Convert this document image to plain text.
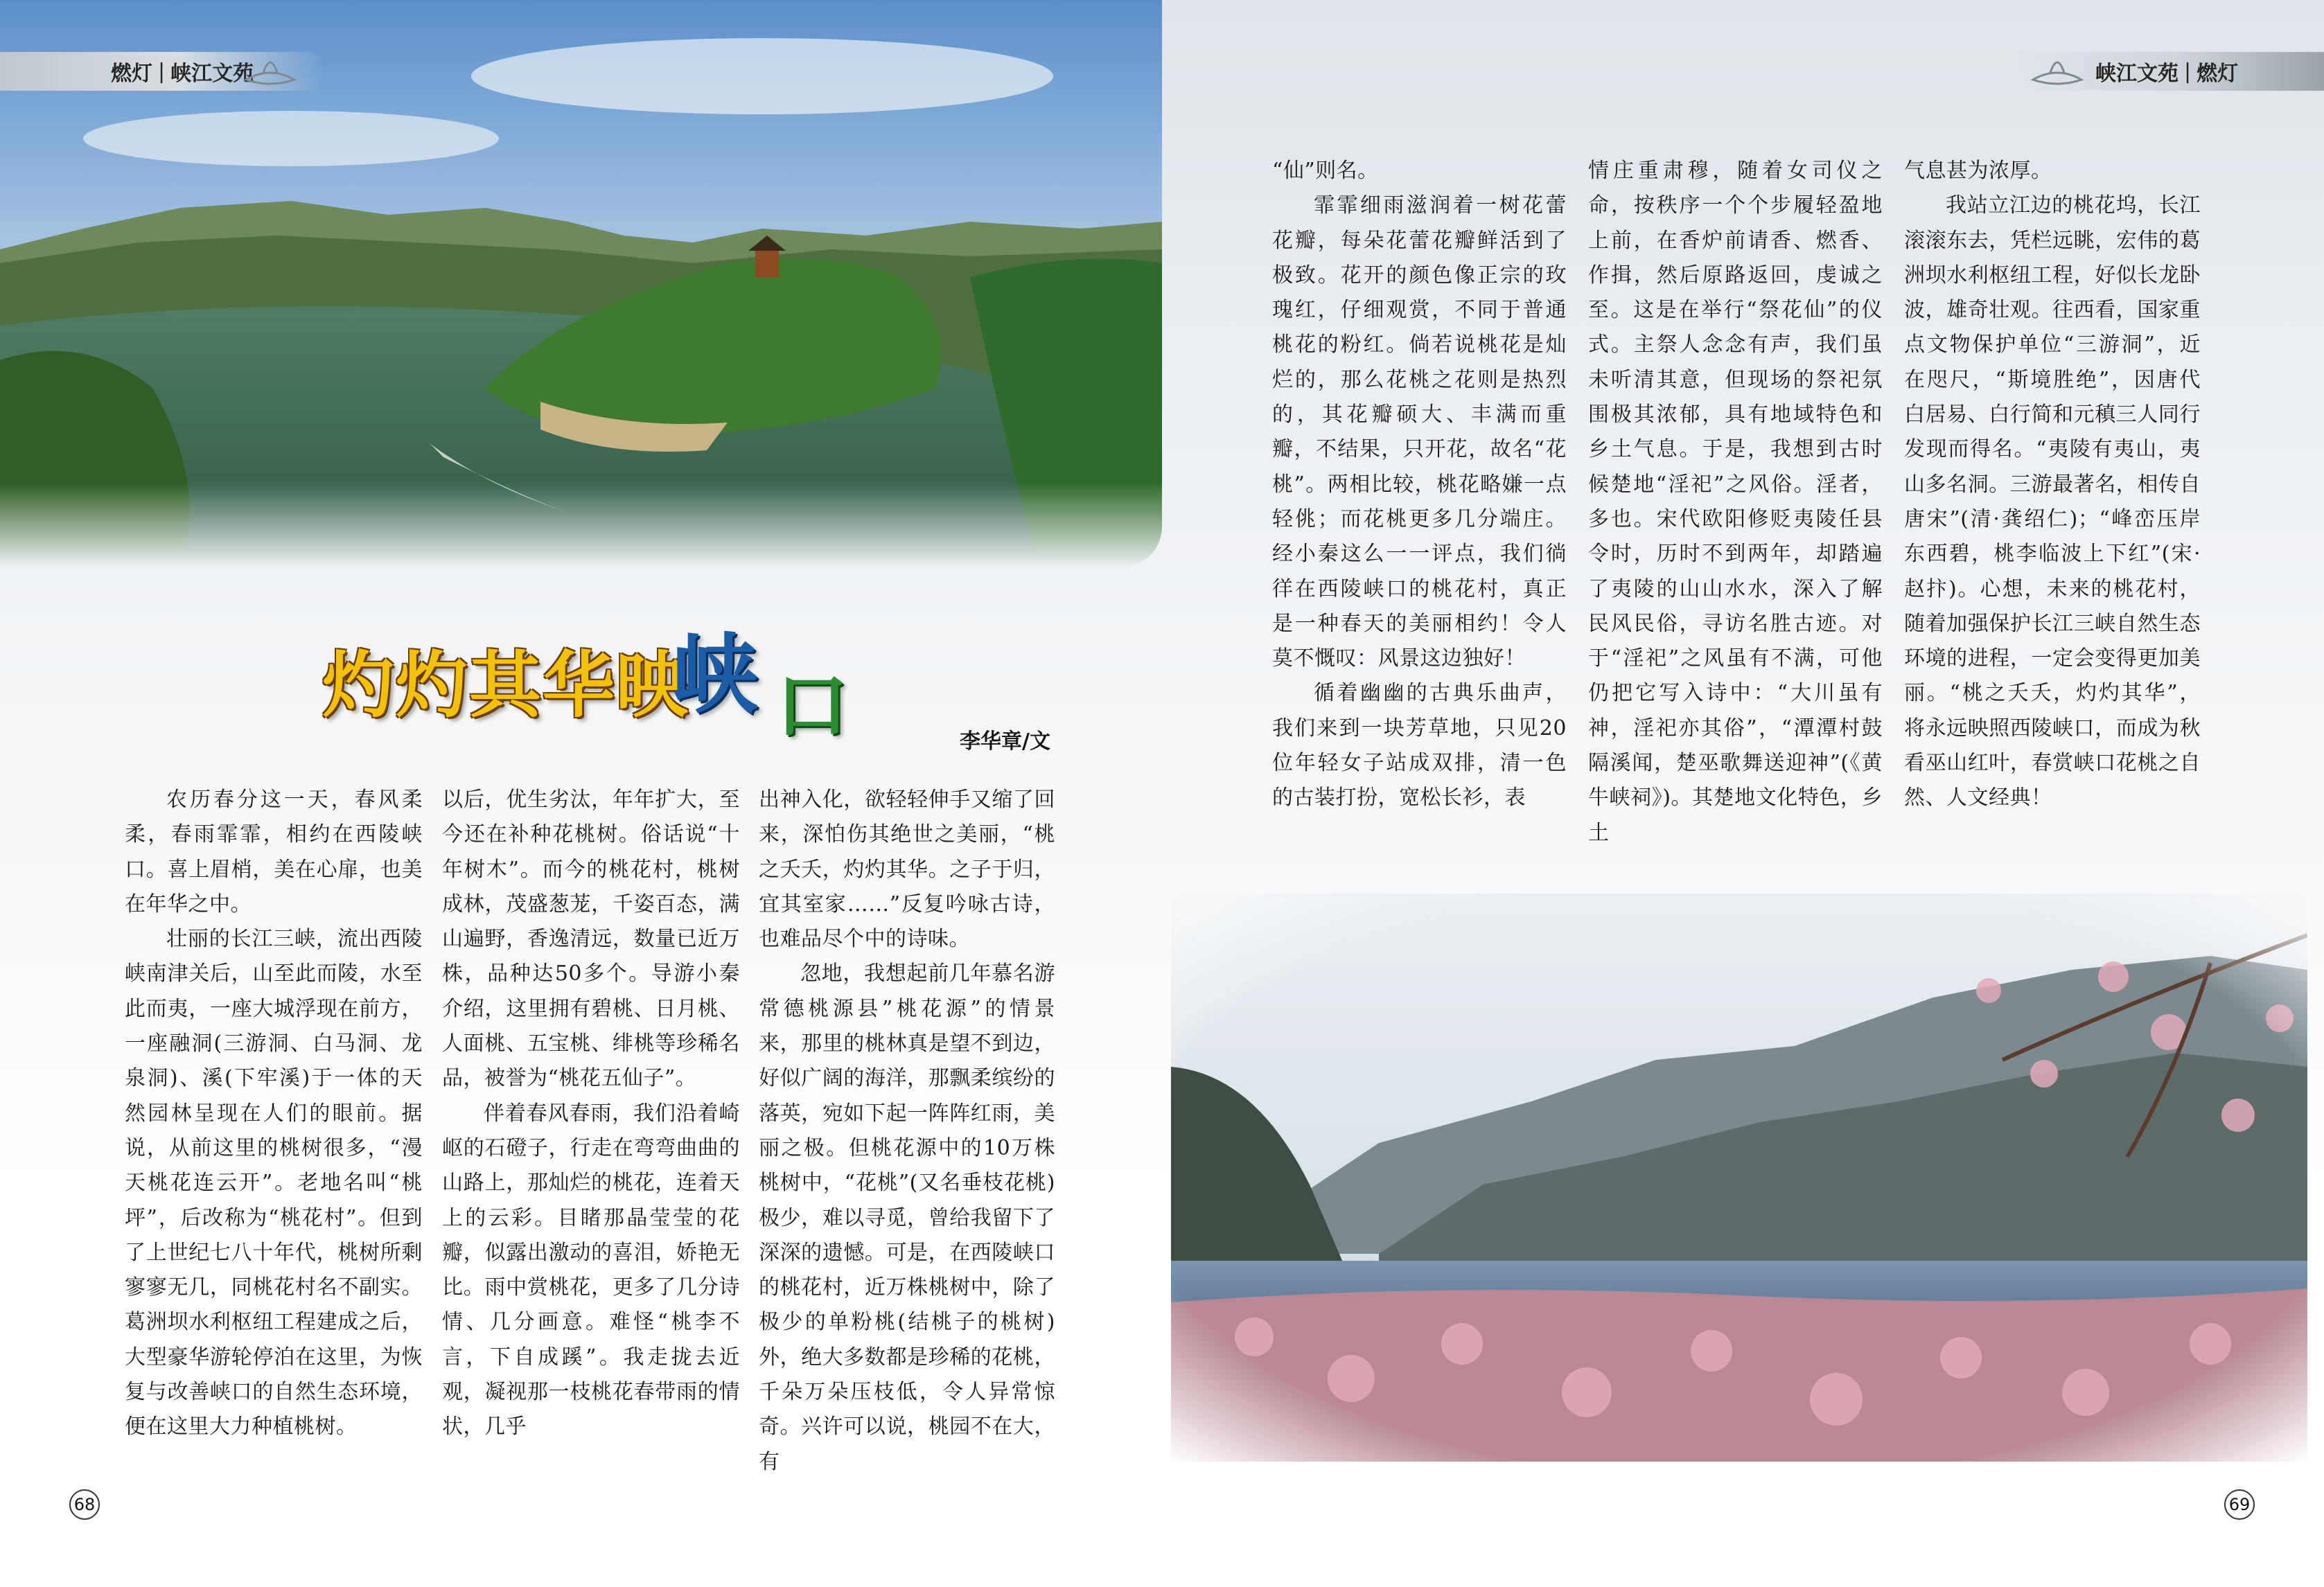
燃灯 | 峡江文苑
灼灼其华映
峡 口	李华章/文

农历春分这一天，春风柔柔，春雨霏霏，相约在西陵峡口。喜上眉梢，美在心扉，也美在年华之中。

壮丽的长江三峡，流出西陵峡南津关后，山至此而陵，水至此而夷，一座大城浮现在前方，一座融洞(三游洞、白马洞、龙泉洞)、溪(下牢溪)于一体的天然园林呈现在人们的眼前。据说，从前这里的桃树很多，“漫天桃花连云开”。老地名叫“桃坪”，后改称为“桃花村”。但到了上世纪七八十年代，桃树所剩寥寥无几，同桃花村名不副实。葛洲坝水利枢纽工程建成之后，大型豪华游轮停泊在这里，为恢复与改善峡口的自然生态环境，便在这里大力种植桃树。

以后，优生劣汰，年年扩大，至今还在补种花桃树。俗话说“十年树木”。而今的桃花村，桃树成林，茂盛葱茏，千姿百态，满山遍野，香逸清远，数量已近万株，品种达50多个。导游小秦介绍，这里拥有碧桃、日月桃、人面桃、五宝桃、绯桃等珍稀名品，被誉为“桃花五仙子”。

伴着春风春雨，我们沿着崎岖的石磴子，行走在弯弯曲曲的山路上，那灿烂的桃花，连着天上的云彩。目睹那晶莹莹的花瓣，似露出激动的喜泪，娇艳无比。雨中赏桃花，更多了几分诗情、几分画意。难怪“桃李不言，下自成蹊”。我走拢去近观，凝视那一枝桃花春带雨的情状，几乎

出神入化，欲轻轻伸手又缩了回来，深怕伤其绝世之美丽，“桃之夭夭，灼灼其华。之子于归，宜其室家……”反复吟咏古诗，也难品尽个中的诗味。

忽地，我想起前几年慕名游常德桃源县”桃花源”的情景来，那里的桃林真是望不到边，好似广阔的海洋，那飘柔缤纷的落英，宛如下起一阵阵红雨，美丽之极。但桃花源中的10万株桃树中，“花桃”(又名垂枝花桃)极少，难以寻觅，曾给我留下了深深的遗憾。可是，在西陵峡口的桃花村，近万株桃树中，除了极少的单粉桃(结桃子的桃树)外，绝大多数都是珍稀的花桃，千朵万朵压枝低，令人异常惊奇。兴许可以说，桃园不在大，有

68
峡江文苑 | 燃灯

“仙”则名。

霏霏细雨滋润着一树花蕾花瓣，每朵花蕾花瓣鲜活到了极致。花开的颜色像正宗的玫瑰红，仔细观赏，不同于普通桃花的粉红。倘若说桃花是灿烂的，那么花桃之花则是热烈的，其花瓣硕大、丰满而重瓣，不结果，只开花，故名“花桃”。两相比较，桃花略嫌一点轻佻；而花桃更多几分端庄。经小秦这么一一评点，我们徜徉在西陵峡口的桃花村，真正是一种春天的美丽相约！令人莫不慨叹：风景这边独好！

循着幽幽的古典乐曲声，我们来到一块芳草地，只见20位年轻女子站成双排，清一色的古装打扮，宽松长衫，表

情庄重肃穆，随着女司仪之命，按秩序一个个步履轻盈地上前，在香炉前请香、燃香、作揖，然后原路返回，虔诚之至。这是在举行“祭花仙”的仪式。主祭人念念有声，我们虽未听清其意，但现场的祭祀氛围极其浓郁，具有地域特色和乡土气息。于是，我想到古时候楚地“淫祀”之风俗。淫者，多也。宋代欧阳修贬夷陵任县令时，历时不到两年，却踏遍了夷陵的山山水水，深入了解民风民俗，寻访名胜古迹。对于“淫祀”之风虽有不满，可他仍把它写入诗中：“大川虽有神，淫祀亦其俗”，“潭潭村鼓隔溪闻，楚巫歌舞送迎神”(《黄牛峡祠》)。其楚地文化特色，乡土

气息甚为浓厚。

我站立江边的桃花坞，长江滚滚东去，凭栏远眺，宏伟的葛洲坝水利枢纽工程，好似长龙卧波，雄奇壮观。往西看，国家重点文物保护单位“三游洞”，近在咫尺，“斯境胜绝”，因唐代白居易、白行简和元稹三人同行发现而得名。“夷陵有夷山，夷山多名洞。三游最著名，相传自唐宋”(清·龚绍仁)；“峰峦压岸东西碧，桃李临波上下红”(宋·赵抃)。心想，未来的桃花村，随着加强保护长江三峡自然生态环境的进程，一定会变得更加美丽。“桃之夭夭，灼灼其华”，将永远映照西陵峡口，而成为秋看巫山红叶，春赏峡口花桃之自然、人文经典！

69
